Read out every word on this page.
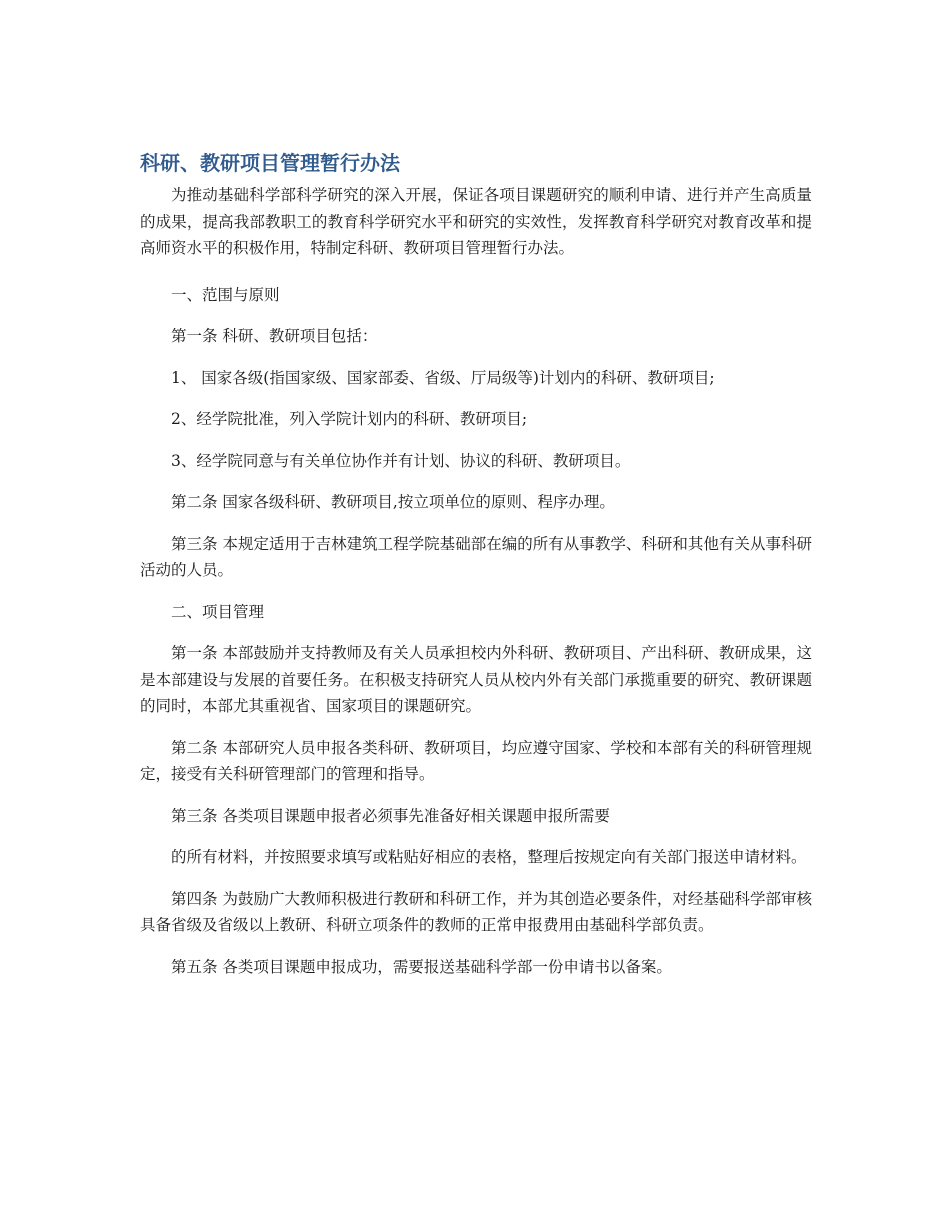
科研、教研项目管理暂行办法

为推动基础科学部科学研究的深入开展，保证各项目课题研究的顺利申请、进行并产生高质量的成果，提高我部教职工的教育科学研究水平和研究的实效性，发挥教育科学研究对教育改革和提高师资水平的积极作用，特制定科研、教研项目管理暂行办法。

一、范围与原则

第一条 科研、教研项目包括：

1、 国家各级(指国家级、国家部委、省级、厅局级等)计划内的科研、教研项目;

2、经学院批准，列入学院计划内的科研、教研项目;

3、经学院同意与有关单位协作并有计划、协议的科研、教研项目。

第二条 国家各级科研、教研项目,按立项单位的原则、程序办理。

第三条 本规定适用于吉林建筑工程学院基础部在编的所有从事教学、科研和其他有关从事科研活动的人员。

二、项目管理

第一条 本部鼓励并支持教师及有关人员承担校内外科研、教研项目、产出科研、教研成果，这是本部建设与发展的首要任务。在积极支持研究人员从校内外有关部门承揽重要的研究、教研课题的同时，本部尤其重视省、国家项目的课题研究。

第二条 本部研究人员申报各类科研、教研项目，均应遵守国家、学校和本部有关的科研管理规定，接受有关科研管理部门的管理和指导。

第三条 各类项目课题申报者必须事先准备好相关课题申报所需要

的所有材料，并按照要求填写或粘贴好相应的表格，整理后按规定向有关部门报送申请材料。

第四条 为鼓励广大教师积极进行教研和科研工作，并为其创造必要条件，对经基础科学部审核具备省级及省级以上教研、科研立项条件的教师的正常申报费用由基础科学部负责。

第五条 各类项目课题申报成功，需要报送基础科学部一份申请书以备案。
